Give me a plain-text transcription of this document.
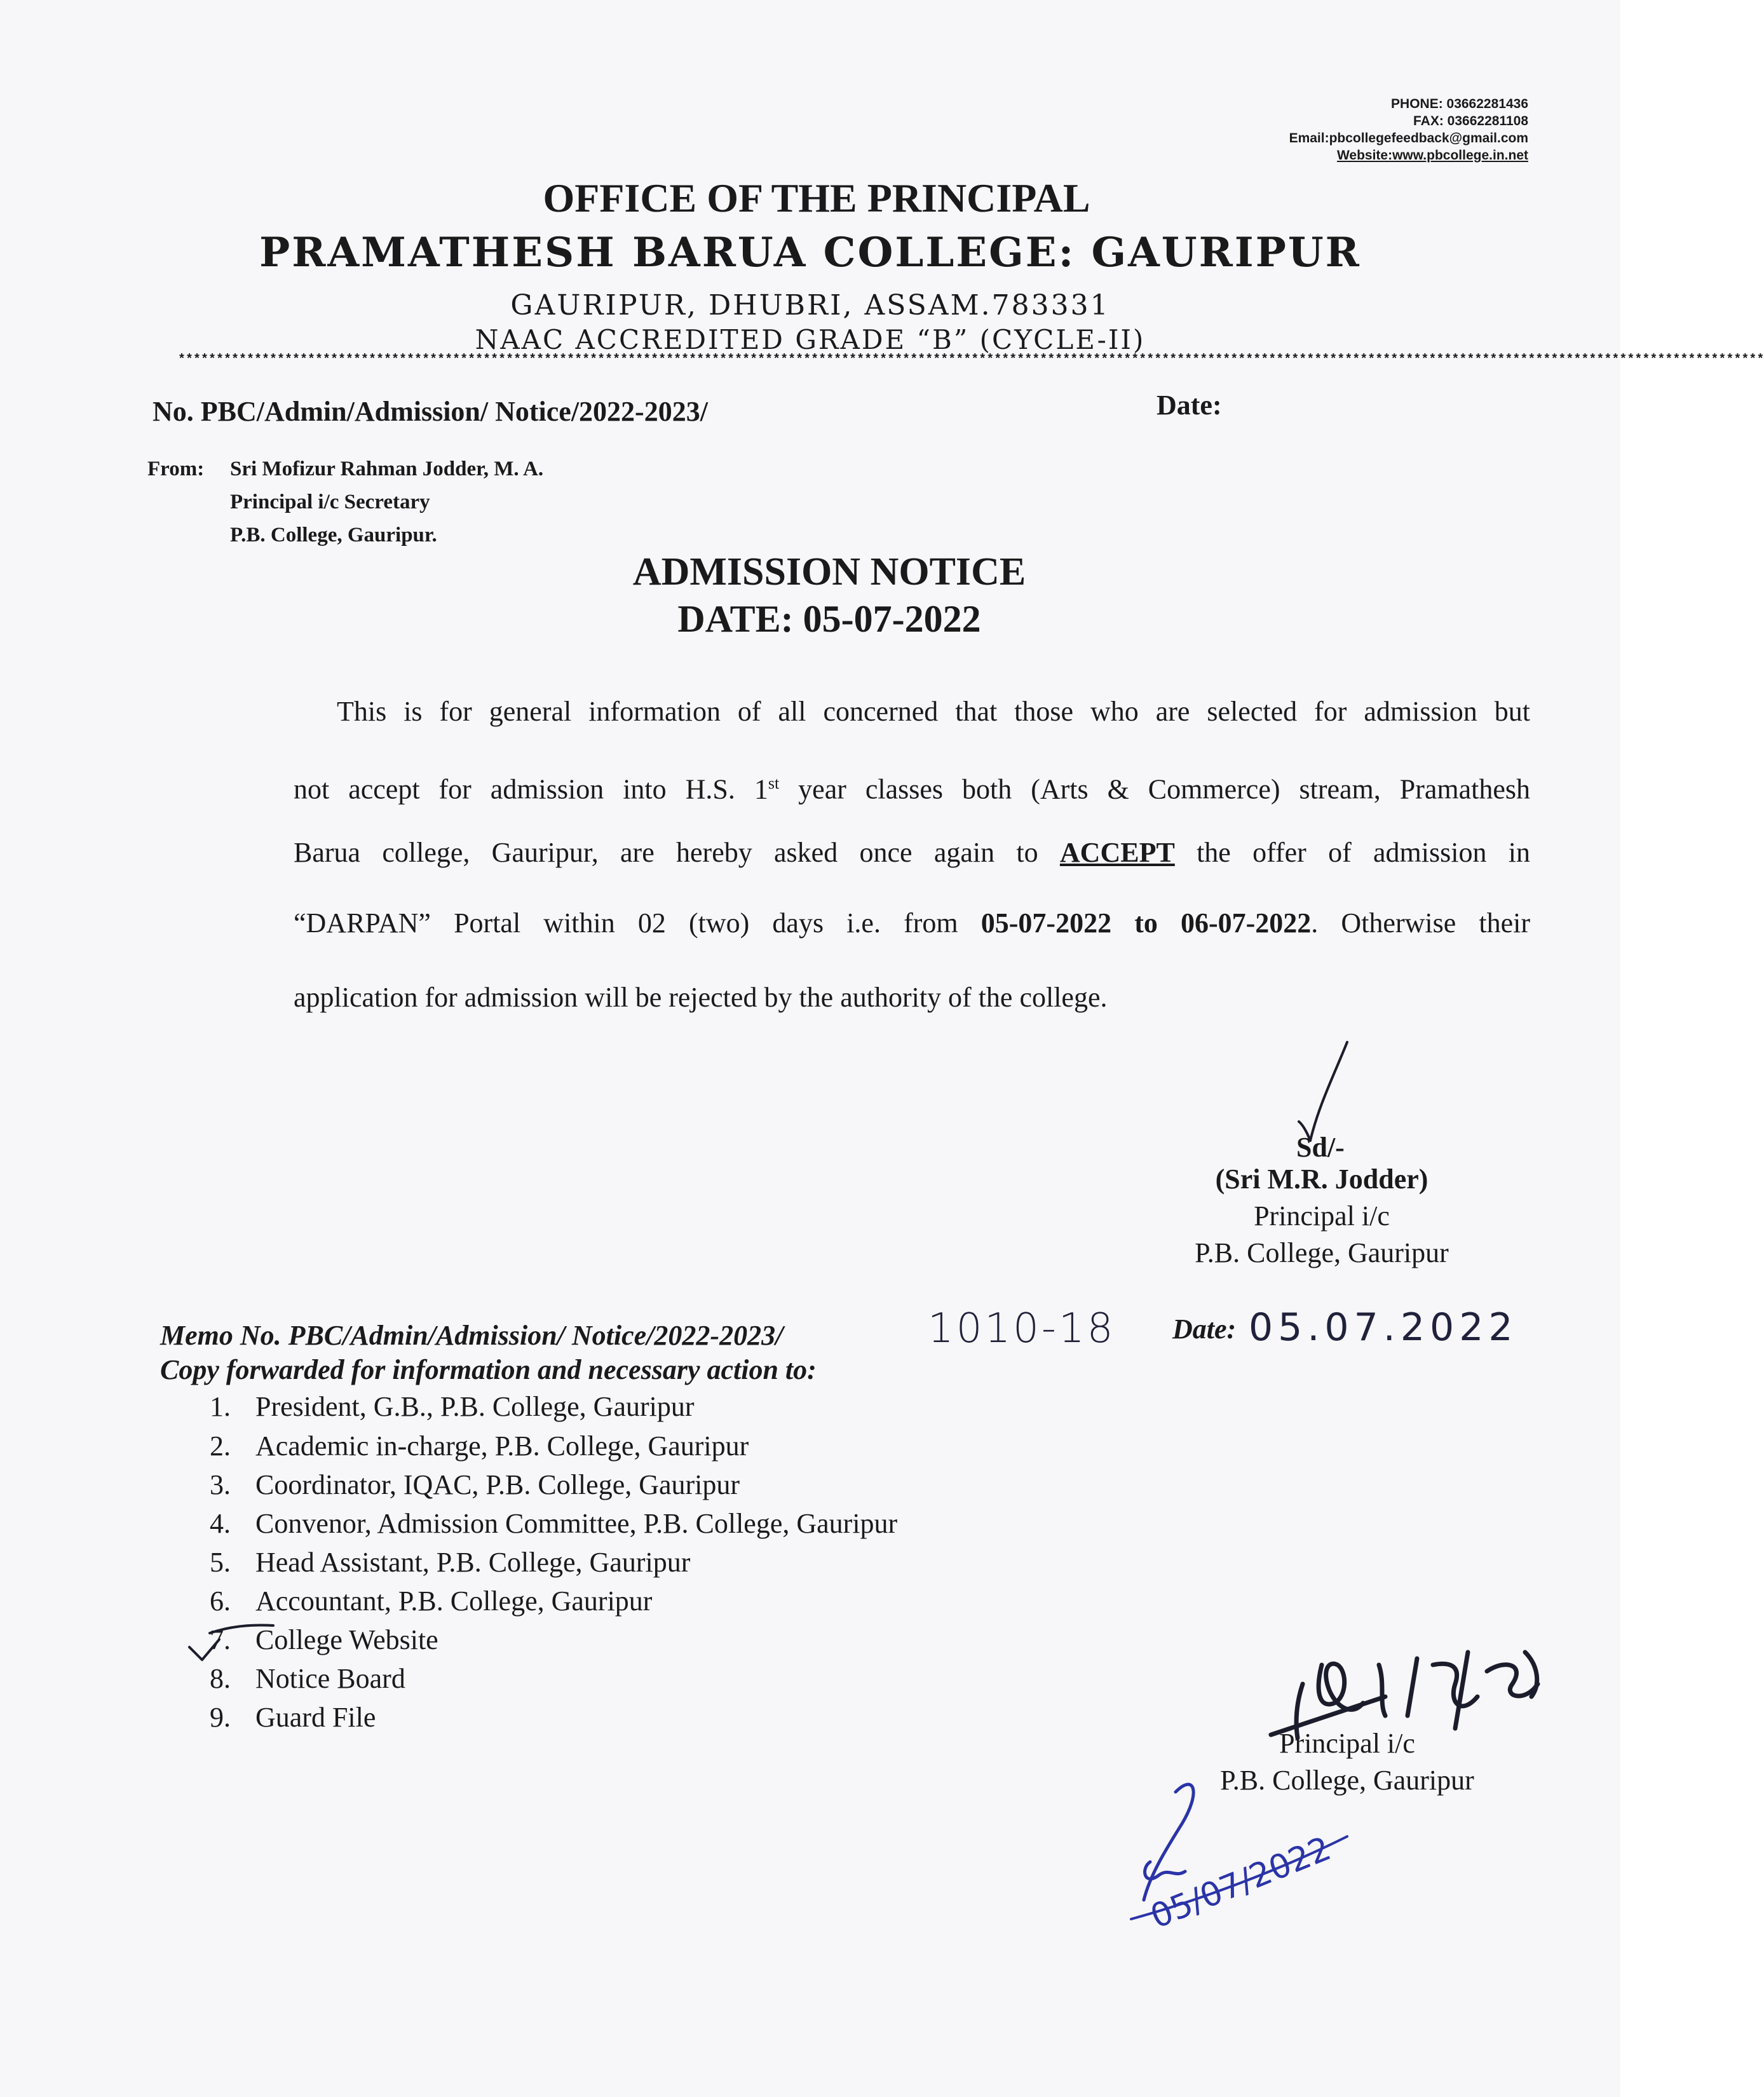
PHONE: 03662281436
FAX: 03662281108
Email:pbcollegefeedback@gmail.com
Website:www.pbcollege.in.net
OFFICE OF THE PRINCIPAL
PRAMATHESH BARUA COLLEGE: GAURIPUR
GAURIPUR, DHUBRI, ASSAM.783331
NAAC ACCREDITED GRADE “B” (CYCLE-II)
****************************************************************************************************************************************************************************************************************
No. PBC/Admin/Admission/ Notice/2022-2023/	Date:
From: Sri Mofizur Rahman Jodder, M. A.
Principal i/c Secretary
P.B. College, Gauripur.
ADMISSION NOTICE
DATE: 05-07-2022
This is for general information of all concerned that those who are selected for admission but
not accept for admission into H.S. 1st year classes both (Arts & Commerce) stream, Pramathesh
Barua college, Gauripur, are hereby asked once again to ACCEPT the offer of admission in
“DARPAN” Portal within 02 (two) days i.e. from 05-07-2022 to 06-07-2022. Otherwise their
application for admission will be rejected by the authority of the college.
Sd/-
(Sri M.R. Jodder)
Principal i/c
P.B. College, Gauripur
Memo No. PBC/Admin/Admission/ Notice/2022-2023/	1010-18 Date: 05.07.2022
Copy forwarded for information and necessary action to:
1. President, G.B., P.B. College, Gauripur
2. Academic in-charge, P.B. College, Gauripur
3. Coordinator, IQAC, P.B. College, Gauripur
4. Convenor, Admission Committee, P.B. College, Gauripur
5. Head Assistant, P.B. College, Gauripur
6. Accountant, P.B. College, Gauripur
7. College Website
8. Notice Board
9. Guard File
Principal i/c
P.B. College, Gauripur
05/07/2022
